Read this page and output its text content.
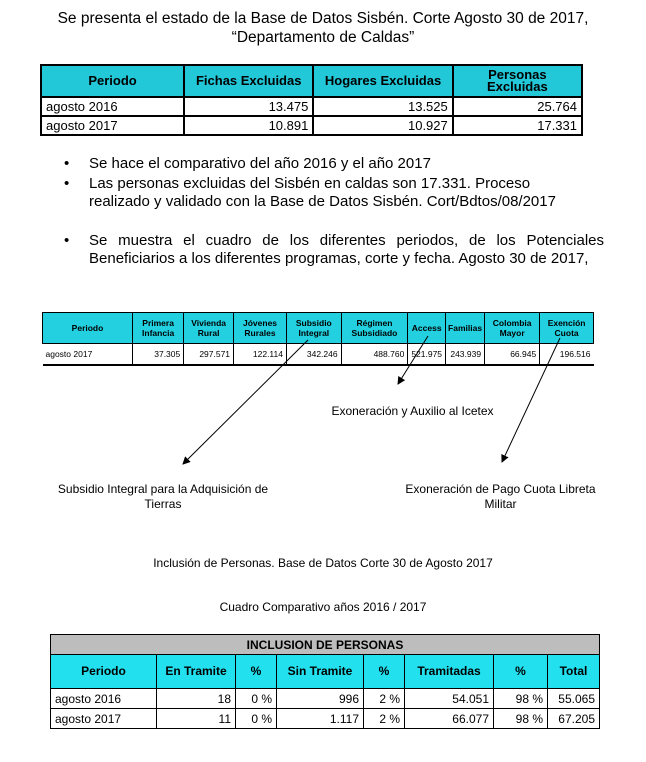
Se presenta el estado de la Base de Datos Sisbén. Corte Agosto 30 de 2017,
“Departamento de Caldas”
Periodo	Fichas Excluidas	Hogares Excluidas	Personas Excluidas
agosto 2016	13.475	13.525	25.764
agosto 2017	10.891	10.927	17.331
• Se hace el comparativo del año 2016 y el año 2017
• Las personas excluidas del Sisbén en caldas son 17.331. Proceso realizado y validado con la Base de Datos Sisbén. Cort/Bdtos/08/2017
• Se muestra el cuadro de los diferentes periodos, de los Potenciales Beneficiarios a los diferentes programas, corte y fecha. Agosto 30 de 2017,
Periodo	Primera Infancia	Vivienda Rural	Jóvenes Rurales	Subsidio Integral	Régimen Subsidiado	Access	Familias	Colombia Mayor	Exención Cuota
agosto 2017	37.305	297.571	122.114	342.246	488.760	521.975	243.939	66.945	196.516
Exoneración y Auxilio al Icetex
Subsidio Integral para la Adquisición de Tierras
Exoneración de Pago Cuota Libreta Militar
Inclusión de Personas. Base de Datos Corte 30 de Agosto 2017
Cuadro Comparativo años 2016 / 2017
INCLUSION DE PERSONAS							
Periodo	En Tramite	%	Sin Tramite	%	Tramitadas	%	Total
agosto 2016	18	0 %	996	2 %	54.051	98 %	55.065
agosto 2017	11	0 %	1.117	2 %	66.077	98 %	67.205
